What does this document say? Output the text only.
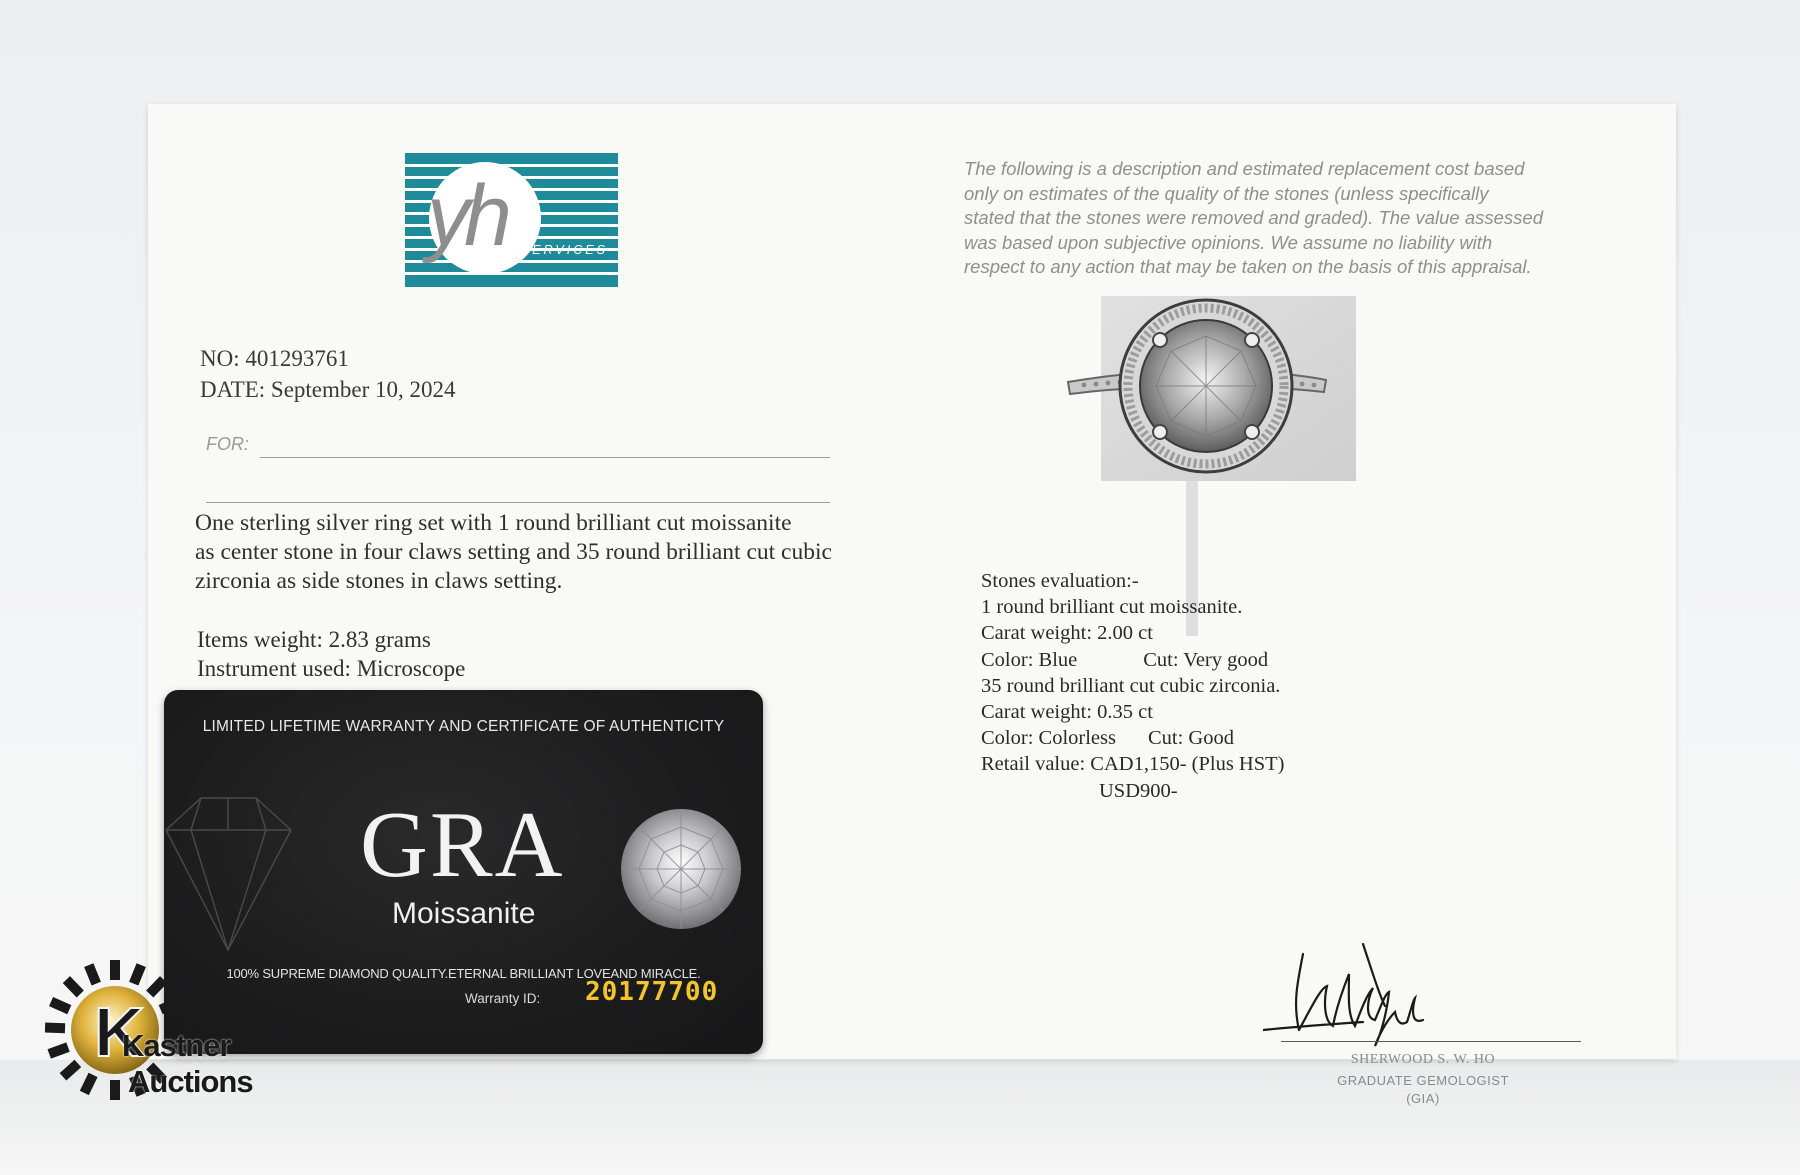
yh
GEM SERVICES
The following is a description and estimated replacement cost based
only on estimates of the quality of the stones (unless specifically
stated that the stones were removed and graded). The value assessed
was based upon subjective opinions. We assume no liability with
respect to any action that may be taken on the basis of this appraisal.
NO: 401293761
DATE: September 10, 2024
FOR:
One sterling silver ring set with 1 round brilliant cut moissanite
as center stone in four claws setting and 35 round brilliant cut cubic
zirconia as side stones in claws setting.
Items weight: 2.83 grams
Instrument used: Microscope
Stones evaluation:-
1 round brilliant cut moissanite.
Carat weight: 2.00 ct
Color: Blue	Cut: Very good
35 round brilliant cut cubic zirconia.
Carat weight: 0.35 ct
Color: Colorless Cut: Good
Retail value: CAD1,150- (Plus HST)
USD900-
SHERWOOD S. W. HO
GRADUATE GEMOLOGIST
(GIA)
LIMITED LIFETIME WARRANTY AND CERTIFICATE OF AUTHENTICITY
GRA
Moissanite
100% SUPREME DIAMOND QUALITY.ETERNAL BRILLIANT LOVEAND MIRACLE.
Warranty ID: 20177700
K
Kastner
Auctions
